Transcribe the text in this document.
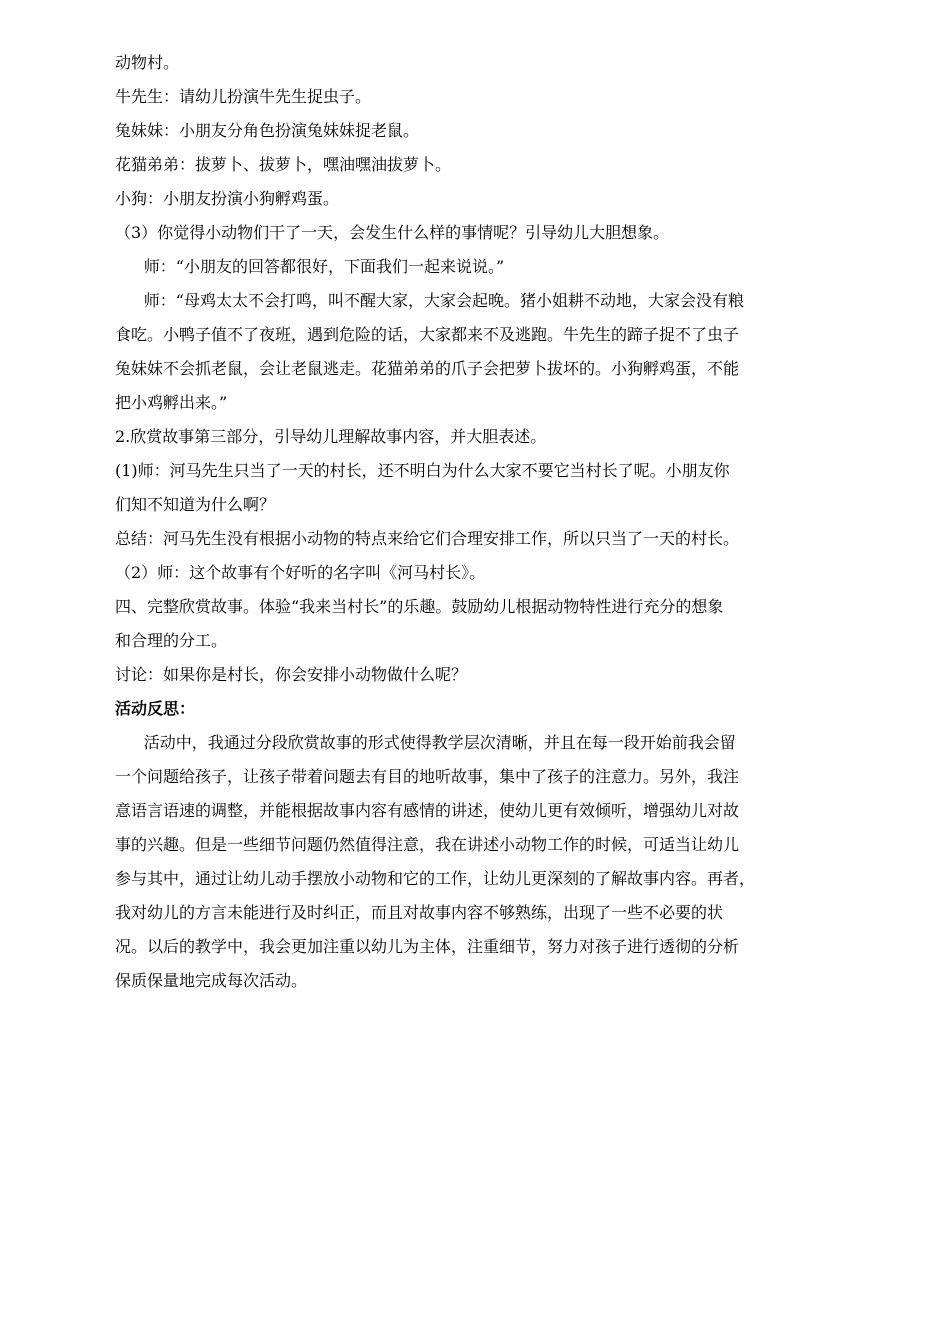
动物村。
牛先生：请幼儿扮演牛先生捉虫子。
兔妹妹：小朋友分角色扮演兔妹妹捉老鼠。
花猫弟弟：拔萝卜、拔萝卜，嘿油嘿油拔萝卜。
小狗：小朋友扮演小狗孵鸡蛋。
（3）你觉得小动物们干了一天，会发生什么样的事情呢？引导幼儿大胆想象。
师：“小朋友的回答都很好，下面我们一起来说说。”
师：“母鸡太太不会打鸣，叫不醒大家，大家会起晚。猪小姐耕不动地，大家会没有粮
食吃。小鸭子值不了夜班，遇到危险的话，大家都来不及逃跑。牛先生的蹄子捉不了虫子
兔妹妹不会抓老鼠，会让老鼠逃走。花猫弟弟的爪子会把萝卜拔坏的。小狗孵鸡蛋，不能
把小鸡孵出来。”
2.欣赏故事第三部分，引导幼儿理解故事内容，并大胆表述。
(1)师：河马先生只当了一天的村长，还不明白为什么大家不要它当村长了呢。小朋友你
们知不知道为什么啊？
总结：河马先生没有根据小动物的特点来给它们合理安排工作，所以只当了一天的村长。
（2）师：这个故事有个好听的名字叫《河马村长》。
四、完整欣赏故事。体验“我来当村长”的乐趣。鼓励幼儿根据动物特性进行充分的想象
和合理的分工。
讨论：如果你是村长，你会安排小动物做什么呢？
活动反思：
活动中，我通过分段欣赏故事的形式使得教学层次清晰，并且在每一段开始前我会留
一个问题给孩子，让孩子带着问题去有目的地听故事，集中了孩子的注意力。另外，我注
意语言语速的调整，并能根据故事内容有感情的讲述，使幼儿更有效倾听，增强幼儿对故
事的兴趣。但是一些细节问题仍然值得注意，我在讲述小动物工作的时候，可适当让幼儿
参与其中，通过让幼儿动手摆放小动物和它的工作，让幼儿更深刻的了解故事内容。再者，
我对幼儿的方言未能进行及时纠正，而且对故事内容不够熟练，出现了一些不必要的状
况。以后的教学中，我会更加注重以幼儿为主体，注重细节，努力对孩子进行透彻的分析
保质保量地完成每次活动。
